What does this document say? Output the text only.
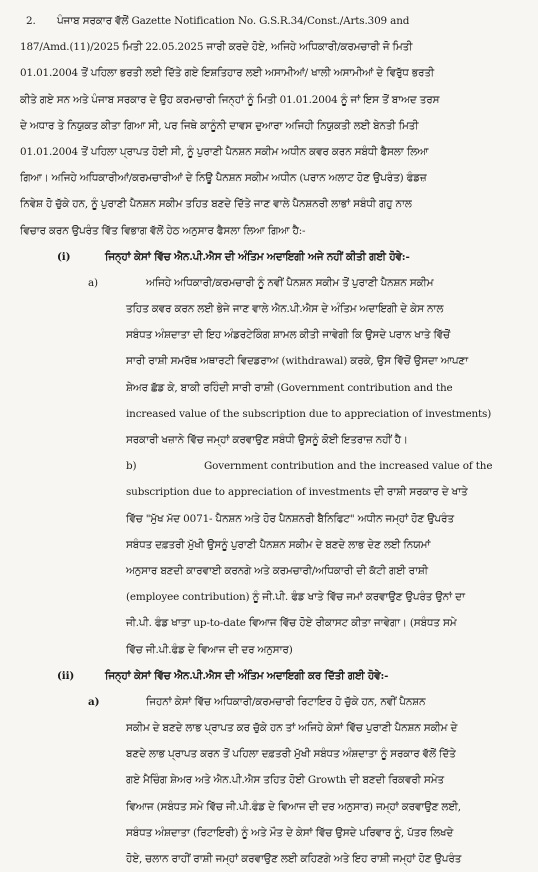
2. ਪੰਜਾਬ ਸਰਕਾਰ ਵੱਲੋਂ Gazette Notification No. G.S.R.34/Const./Arts.309 and
187/Amd.(11)/2025 ਮਿਤੀ 22.05.2025 ਜਾਰੀ ਕਰਦੇ ਹੋਏ, ਅਜਿਹੇ ਅਧਿਕਾਰੀ/ਕਰਮਚਾਰੀ ਜੋ ਮਿਤੀ
01.01.2004 ਤੋਂ ਪਹਿਲਾ ਭਰਤੀ ਲਈ ਦਿੱਤੇ ਗਏ ਇਸ਼ਤਿਹਾਰ ਲਈ ਅਸਾਮੀਆਂ/ ਖਾਲੀ ਅਸਾਮੀਆਂ ਦੇ ਵਿਰੁੱਧ ਭਰਤੀ
ਕੀਤੇ ਗਏ ਸਨ ਅਤੇ ਪੰਜਾਬ ਸਰਕਾਰ ਦੇ ਉਹ ਕਰਮਚਾਰੀ ਜਿਨ੍ਹਾਂ ਨੂੰ ਮਿਤੀ 01.01.2004 ਨੂੰ ਜਾਂ ਇਸ ਤੋਂ ਬਾਅਦ ਤਰਸ
ਦੇ ਅਧਾਰ ਤੇ ਨਿਯੁਕਤ ਕੀਤਾ ਗਿਆ ਸੀ, ਪਰ ਜਿਥੇ ਕਾਨੂੰਨੀ ਦਾਵਸ ਦੁਆਰਾ ਅਜਿਹੀ ਨਿਯੁਕਤੀ ਲਈ ਬੇਨਤੀ ਮਿਤੀ
01.01.2004 ਤੋਂ ਪਹਿਲਾ ਪ੍ਰਾਪਤ ਹੋਈ ਸੀ, ਨੂੰ ਪੁਰਾਣੀ ਪੈਨਸ਼ਨ ਸਕੀਮ ਅਧੀਨ ਕਵਰ ਕਰਨ ਸਬੰਧੀ ਫੈਸਲਾ ਲਿਆ
ਗਿਆ। ਅਜਿਹੇ ਅਧਿਕਾਰੀਆਂ/ਕਰਮਚਾਰੀਆਂ ਦੇ ਨਿਊ ਪੈਨਸ਼ਨ ਸਕੀਮ ਅਧੀਨ (ਪਰਾਨ ਅਲਾਟ ਹੋਣ ਉਪਰੰਤ) ਫੰਡਜ਼
ਨਿਵੇਸ਼ ਹੋ ਚੁੱਕੇ ਹਨ, ਨੂੰ ਪੁਰਾਣੀ ਪੈਨਸ਼ਨ ਸਕੀਮ ਤਹਿਤ ਬਣਦੇ ਦਿੱਤੇ ਜਾਣ ਵਾਲੇ ਪੈਨਸ਼ਨਰੀ ਲਾਭਾਂ ਸਬੰਧੀ ਗਹੁ ਨਾਲ
ਵਿਚਾਰ ਕਰਨ ਉਪਰੰਤ ਵਿੱਤ ਵਿਭਾਗ ਵੱਲੋਂ ਹੇਠ ਅਨੁਸਾਰ ਫੈਸਲਾ ਲਿਆ ਗਿਆ ਹੈ:-
(i)	ਜਿਨ੍ਹਾਂ ਕੇਸਾਂ ਵਿੱਚ ਐਨ.ਪੀ.ਐਸ ਦੀ ਅੰਤਿਮ ਅਦਾਇਗੀ ਅਜੇ ਨਹੀਂ ਕੀਤੀ ਗਈ ਹੋਵੇ:-
a)	ਅਜਿਹੇ ਅਧਿਕਾਰੀ/ਕਰਮਚਾਰੀ ਨੂੰ ਨਵੀਂ ਪੈਨਸ਼ਨ ਸਕੀਮ ਤੋਂ ਪੁਰਾਣੀ ਪੈਨਸ਼ਨ ਸਕੀਮ
ਤਹਿਤ ਕਵਰ ਕਰਨ ਲਈ ਭੇਜੇ ਜਾਣ ਵਾਲੇ ਐਨ.ਪੀ.ਐਸ ਦੇ ਅੰਤਿਮ ਅਦਾਇਗੀ ਦੇ ਕੇਸ ਨਾਲ
ਸਬੰਧਤ ਅੰਸ਼ਦਾਤਾ ਦੀ ਇਹ ਅੰਡਰਟੇਕਿੰਗ ਸ਼ਾਮਲ ਕੀਤੀ ਜਾਵੇਗੀ ਕਿ ਉਸਦੇ ਪਰਾਨ ਖਾਤੇ ਵਿੱਚੋਂ
ਸਾਰੀ ਰਾਸ਼ੀ ਸਮਰੱਥ ਅਥਾਰਟੀ ਵਿਦਡਰਾਅ (withdrawal) ਕਰਕੇ, ਉਸ ਵਿੱਚੋਂ ਉਸਦਾ ਆਪਣਾ
ਸ਼ੇਅਰ ਛੱਡ ਕੇ, ਬਾਕੀ ਰਹਿੰਦੀ ਸਾਰੀ ਰਾਸ਼ੀ (Government contribution and the
increased value of the subscription due to appreciation of investments)
ਸਰਕਾਰੀ ਖਜ਼ਾਨੇ ਵਿੱਚ ਜਮ੍ਹਾਂ ਕਰਵਾਉਣ ਸਬੰਧੀ ਉਸਨੂੰ ਕੋਈ ਇਤਰਾਜ਼ ਨਹੀਂ ਹੈ।
b)	Government contribution and the increased value of the
subscription due to appreciation of investments ਦੀ ਰਾਸ਼ੀ ਸਰਕਾਰ ਦੇ ਖਾਤੇ
ਵਿੱਚ "ਮੁੱਖ ਮੱਦ 0071- ਪੈਨਸ਼ਨ ਅਤੇ ਹੋਰ ਪੈਨਸ਼ਨਰੀ ਬੈਨਿਫਿਟ" ਅਧੀਨ ਜਮ੍ਹਾਂ ਹੋਣ ਉਪਰੰਤ
ਸਬੰਧਤ ਦਫ਼ਤਰੀ ਮੁੱਖੀ ਉਸਨੂੰ ਪੁਰਾਣੀ ਪੈਨਸ਼ਨ ਸਕੀਮ ਦੇ ਬਣਦੇ ਲਾਭ ਦੇਣ ਲਈ ਨਿਯਮਾਂ
ਅਨੁਸਾਰ ਬਣਦੀ ਕਾਰਵਾਈ ਕਰਨਗੇ ਅਤੇ ਕਰਮਚਾਰੀ/ਅਧਿਕਾਰੀ ਦੀ ਕੱਟੀ ਗਈ ਰਾਸ਼ੀ
(employee contribution) ਨੂੰ ਜੀ.ਪੀ. ਫੰਡ ਖਾਤੇ ਵਿੱਚ ਜਮਾਂ ਕਰਵਾਉਣ ਉਪਰੰਤ ਉਨਾਂ ਦਾ
ਜੀ.ਪੀ. ਫੰਡ ਖਾਤਾ up-to-date ਵਿਆਜ ਵਿੱਚ ਹੋਏ ਰੀਕਾਸਟ ਕੀਤਾ ਜਾਵੇਗਾ। (ਸਬੰਧਤ ਸਮੇ
ਵਿੱਚ ਜੀ.ਪੀ.ਫੰਡ ਦੇ ਵਿਆਜ ਦੀ ਦਰ ਅਨੁਸਾਰ)
(ii)	ਜਿਨ੍ਹਾਂ ਕੇਸਾਂ ਵਿੱਚ ਐਨ.ਪੀ.ਐਸ ਦੀ ਅੰਤਿਮ ਅਦਾਇਗੀ ਕਰ ਦਿੱਤੀ ਗਈ ਹੋਵੇ:-
a)	ਜਿਹਨਾਂ ਕੇਸਾਂ ਵਿੱਚ ਅਧਿਕਾਰੀ/ਕਰਮਚਾਰੀ ਰਿਟਾਇਰ ਹੋ ਚੁੱਕੇ ਹਨ, ਨਵੀਂ ਪੈਨਸ਼ਨ
ਸਕੀਮ ਦੇ ਬਣਦੇ ਲਾਭ ਪ੍ਰਾਪਤ ਕਰ ਚੁੱਕੇ ਹਨ ਤਾਂ ਅਜਿਹੇ ਕੇਸਾਂ ਵਿੱਚ ਪੁਰਾਣੀ ਪੈਨਸ਼ਨ ਸਕੀਮ ਦੇ
ਬਣਦੇ ਲਾਭ ਪ੍ਰਾਪਤ ਕਰਨ ਤੋਂ ਪਹਿਲਾ ਦਫ਼ਤਰੀ ਮੁੱਖੀ ਸਬੰਧਤ ਅੰਸ਼ਦਾਤਾ ਨੂੰ ਸਰਕਾਰ ਵੱਲੋਂ ਦਿੱਤੇ
ਗਏ ਮੈਚਿੰਗ ਸ਼ੇਅਰ ਅਤੇ ਐਨ.ਪੀ.ਐਸ ਤਹਿਤ ਹੋਈ Growth ਦੀ ਬਣਦੀ ਰਿਕਵਰੀ ਸਮੇਤ
ਵਿਆਜ (ਸਬੰਧਤ ਸਮੇ ਵਿੱਚ ਜੀ.ਪੀ.ਫੰਡ ਦੇ ਵਿਆਜ ਦੀ ਦਰ ਅਨੁਸਾਰ) ਜਮ੍ਹਾਂ ਕਰਵਾਉਣ ਲਈ,
ਸਬੰਧਤ ਅੰਸ਼ਦਾਤਾ (ਰਿਟਾਇਰੀ) ਨੂੰ ਅਤੇ ਮੌਤ ਦੇ ਕੇਸਾਂ ਵਿੱਚ ਉਸਦੇ ਪਰਿਵਾਰ ਨੂੰ, ਪੱਤਰ ਲਿਖਦੇ
ਹੋਏ, ਚਲਾਨ ਰਾਹੀਂ ਰਾਸ਼ੀ ਜਮ੍ਹਾਂ ਕਰਵਾਉਣ ਲਈ ਕਹਿਣਗੇ ਅਤੇ ਇਹ ਰਾਸ਼ੀ ਜਮ੍ਹਾਂ ਹੋਣ ਉਪਰੰਤ
